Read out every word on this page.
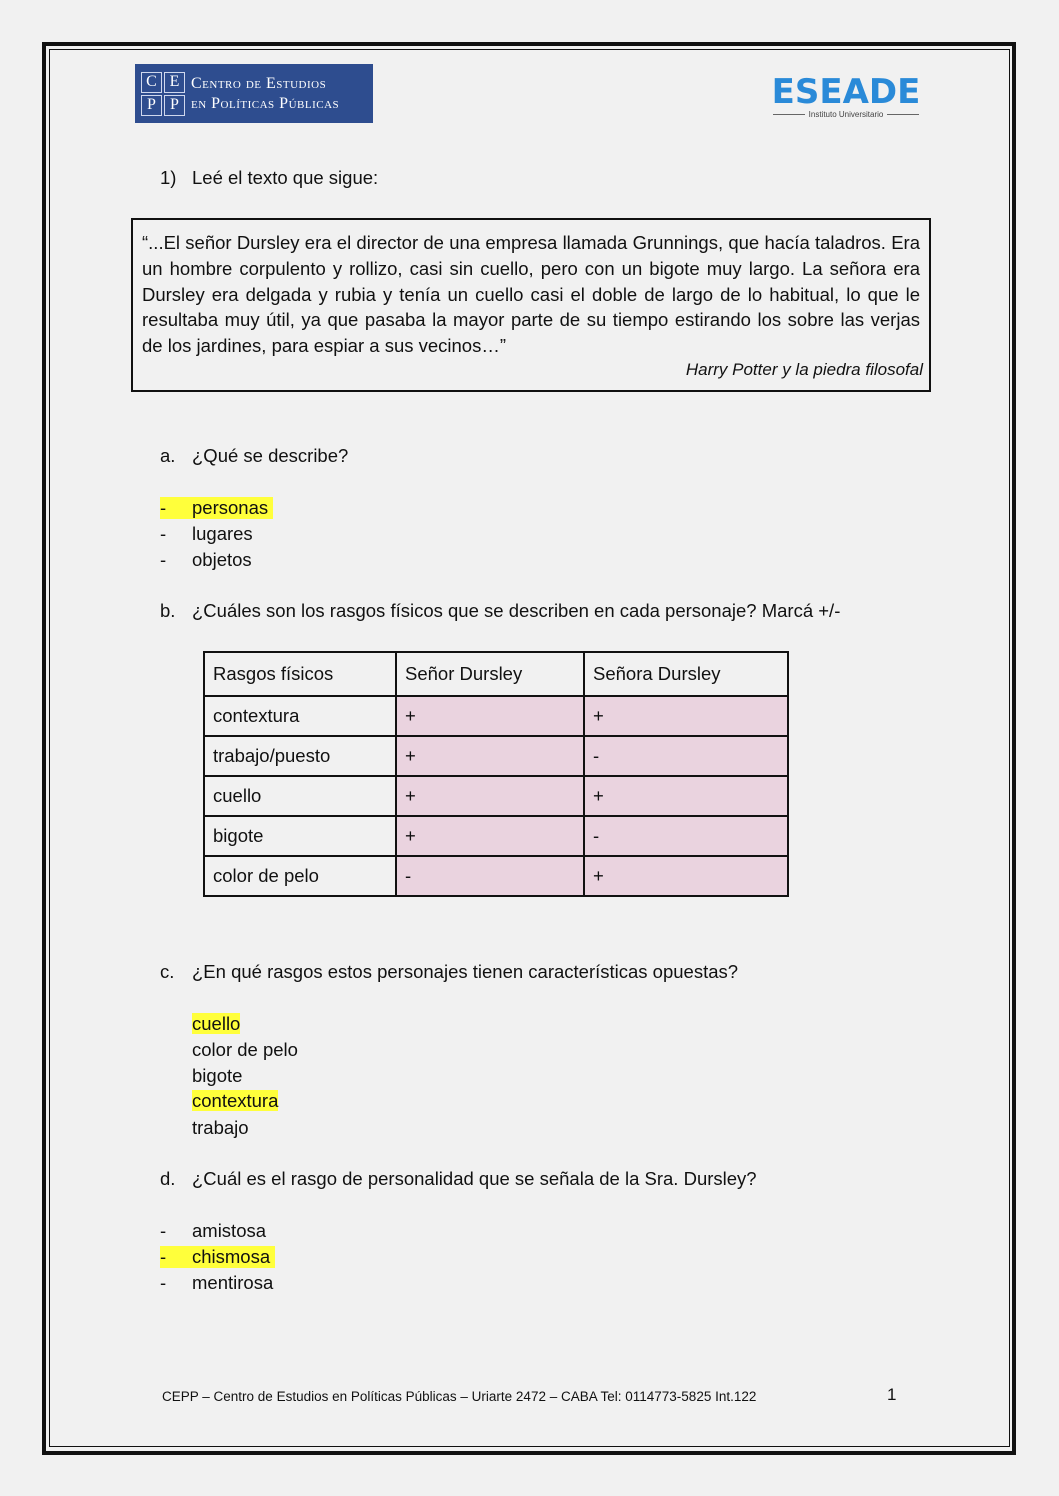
C E
P P
Centro de Estudios
en Políticas Públicas	ESEADE
Instituto Universitario
1) Leé el texto que sigue:
“...El señor Dursley era el director de una empresa llamada Grunnings, que hacía taladros. Era un hombre corpulento y rollizo, casi sin cuello, pero con un bigote muy largo. La señora era Dursley era delgada y rubia y tenía un cuello casi el doble de largo de lo habitual, lo que le resultaba muy útil, ya que pasaba la mayor parte de su tiempo estirando los sobre las verjas de los jardines, para espiar a sus vecinos…”
Harry Potter y la piedra filosofal
a. ¿Qué se describe?
- personas
- lugares
- objetos
b. ¿Cuáles son los rasgos físicos que se describen en cada personaje? Marcá +/-
Rasgos físicos	Señor Dursley	Señora Dursley
contextura	+	+
trabajo/puesto	+	-
cuello	+	+
bigote	+	-
color de pelo	-	+
c. ¿En qué rasgos estos personajes tienen características opuestas?
cuello
color de pelo
bigote
contextura
trabajo
d. ¿Cuál es el rasgo de personalidad que se señala de la Sra. Dursley?
- amistosa
- chismosa
- mentirosa
CEPP – Centro de Estudios en Políticas Públicas – Uriarte 2472 – CABA Tel: 0114773-5825 Int.122	1
